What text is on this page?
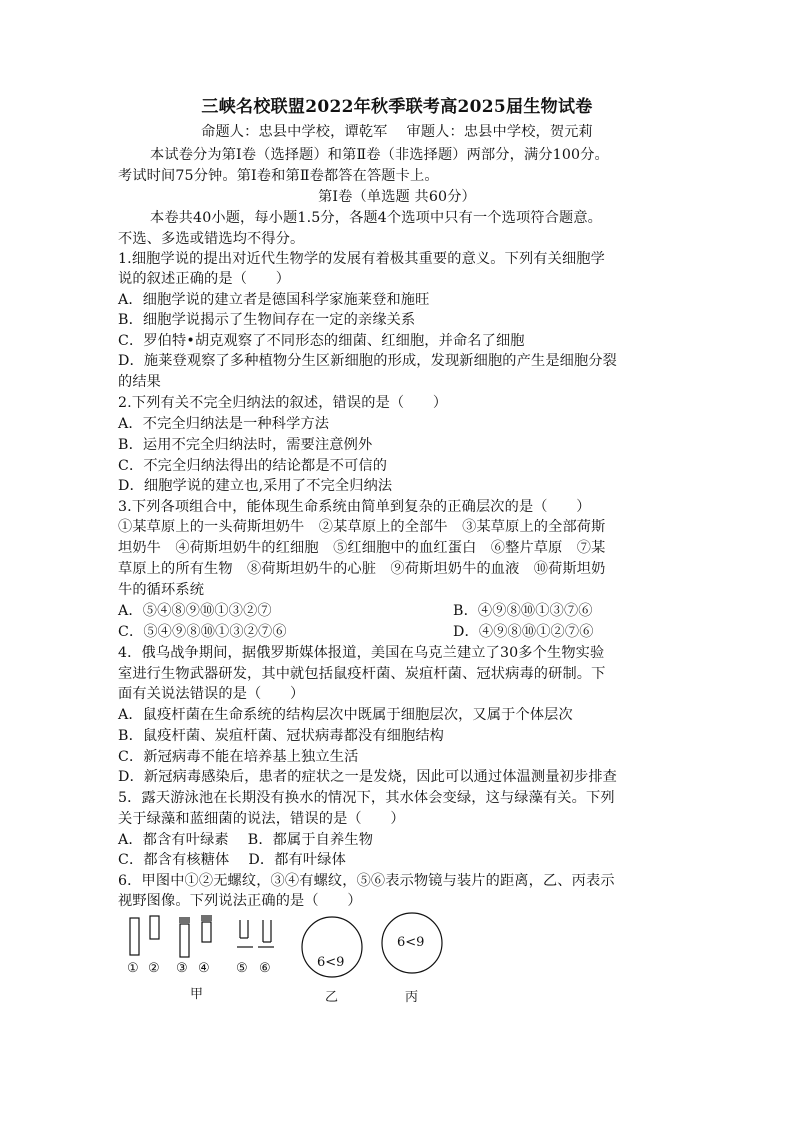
三峡名校联盟2022年秋季联考高2025届生物试卷
命题人：忠县中学校，谭乾军　 审题人：忠县中学校，贺元莉
本试卷分为第Ⅰ卷（选择题）和第Ⅱ卷（非选择题）两部分，满分100分。
考试时间75分钟。第Ⅰ卷和第Ⅱ卷都答在答题卡上。
第Ⅰ卷（单选题 共60分）
本卷共40小题，每小题1.5分，各题4个选项中只有一个选项符合题意。
不选、多选或错选均不得分。
1.细胞学说的提出对近代生物学的发展有着极其重要的意义。下列有关细胞学
说的叙述正确的是（　　）
A．细胞学说的建立者是德国科学家施莱登和施旺
B．细胞学说揭示了生物间存在一定的亲缘关系
C．罗伯特•胡克观察了不同形态的细菌、红细胞，并命名了细胞
D．施莱登观察了多种植物分生区新细胞的形成，发现新细胞的产生是细胞分裂
的结果
2.下列有关不完全归纳法的叙述，错误的是（　　）
A．不完全归纳法是一种科学方法
B．运用不完全归纳法时，需要注意例外
C．不完全归纳法得出的结论都是不可信的
D．细胞学说的建立也,采用了不完全归纳法
3.下列各项组合中，能体现生命系统由简单到复杂的正确层次的是（　　）
①某草原上的一头荷斯坦奶牛　②某草原上的全部牛　③某草原上的全部荷斯
坦奶牛　④荷斯坦奶牛的红细胞　⑤红细胞中的血红蛋白　⑥整片草原　⑦某
草原上的所有生物　⑧荷斯坦奶牛的心脏　⑨荷斯坦奶牛的血液　⑩荷斯坦奶
牛的循环系统
A．⑤④⑧⑨⑩①③②⑦	B．④⑨⑧⑩①③⑦⑥
C．⑤④⑨⑧⑩①③②⑦⑥	D．④⑨⑧⑩①②⑦⑥
4．俄乌战争期间，据俄罗斯媒体报道，美国在乌克兰建立了30多个生物实验
室进行生物武器研发，其中就包括鼠疫杆菌、炭疽杆菌、冠状病毒的研制。下
面有关说法错误的是（　　）
A．鼠疫杆菌在生命系统的结构层次中既属于细胞层次，又属于个体层次
B．鼠疫杆菌、炭疽杆菌、冠状病毒都没有细胞结构
C．新冠病毒不能在培养基上独立生活
D．新冠病毒感染后，患者的症状之一是发烧，因此可以通过体温测量初步排查
5．露天游泳池在长期没有换水的情况下，其水体会变绿，这与绿藻有关。下列
关于绿藻和蓝细菌的说法，错误的是（　　）
A．都含有叶绿素　 B．都属于自养生物
C．都含有核糖体　 D．都有叶绿体
6．甲图中①②无螺纹，③④有螺纹，⑤⑥表示物镜与装片的距离，乙、丙表示
视野图像。下列说法正确的是（　　）
① ② ③ ④ ⑤ ⑥	6<9
6<9
甲	乙	丙
